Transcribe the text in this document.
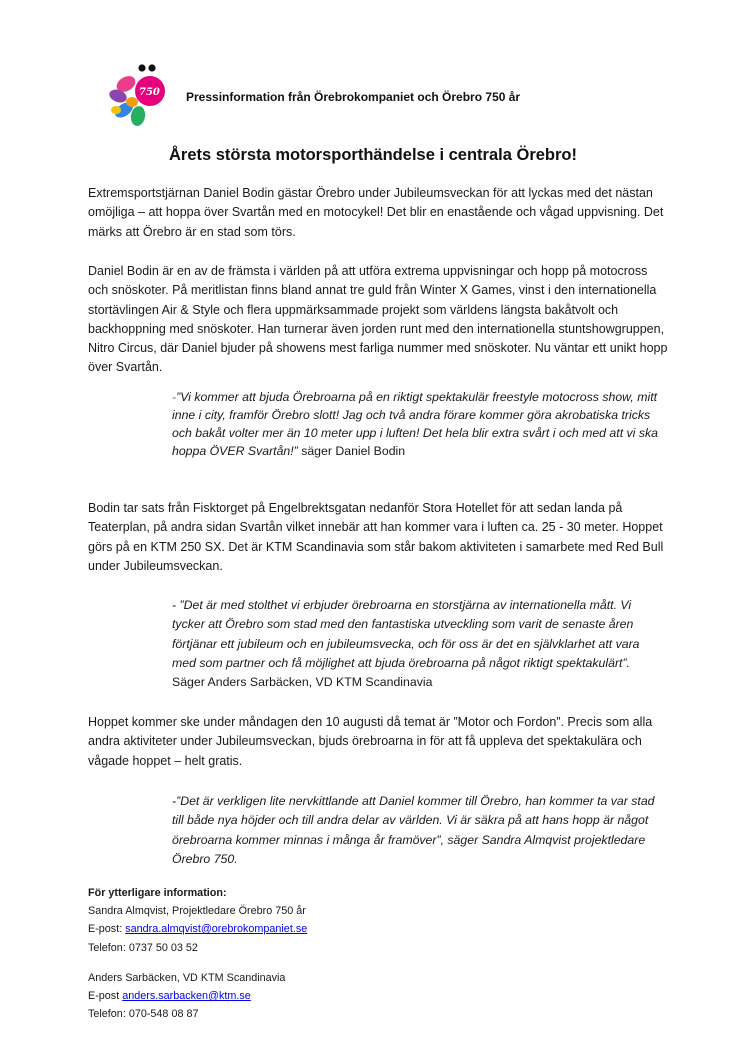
750 Pressinformation från Örebrokompaniet och Örebro 750 år
Årets största motorsporthändelse i centrala Örebro!

Extremsportstjärnan Daniel Bodin gästar Örebro under Jubileumsveckan för att lyckas med det nästan omöjliga – att hoppa över Svartån med en motocykel! Det blir en enastående och vågad uppvisning. Det märks att Örebro är en stad som törs.

Daniel Bodin är en av de främsta i världen på att utföra extrema uppvisningar och hopp på motocross och snöskoter. På meritlistan finns bland annat tre guld från Winter X Games, vinst i den internationella stortävlingen Air & Style och flera uppmärksammade projekt som världens längsta bakåtvolt och backhoppning med snöskoter. Han turnerar även jorden runt med den internationella stuntshowgruppen, Nitro Circus, där Daniel bjuder på showens mest farliga nummer med snöskoter. Nu väntar ett unikt hopp över Svartån.

-”Vi kommer att bjuda Örebroarna på en riktigt spektakulär freestyle motocross show, mitt inne i city, framför Örebro slott! Jag och två andra förare kommer göra akrobatiska tricks och bakåt volter mer än 10 meter upp i luften! Det hela blir extra svårt i och med att vi ska hoppa ÖVER Svartån!” säger Daniel Bodin

Bodin tar sats från Fisktorget på Engelbrektsgatan nedanför Stora Hotellet för att sedan landa på Teaterplan, på andra sidan Svartån vilket innebär att han kommer vara i luften ca. 25 - 30 meter. Hoppet görs på en KTM 250 SX. Det är KTM Scandinavia som står bakom aktiviteten i samarbete med Red Bull under Jubileumsveckan.

- ”Det är med stolthet vi erbjuder örebroarna en storstjärna av internationella mått. Vi tycker att Örebro som stad med den fantastiska utveckling som varit de senaste åren förtjänar ett jubileum och en jubileumsvecka, och för oss är det en självklarhet att vara med som partner och få möjlighet att bjuda örebroarna på något riktigt spektakulärt”. Säger Anders Sarbäcken, VD KTM Scandinavia

Hoppet kommer ske under måndagen den 10 augusti då temat är ”Motor och Fordon”. Precis som alla andra aktiviteter under Jubileumsveckan, bjuds örebroarna in för att få uppleva det spektakulära och vågade hoppet – helt gratis.

-”Det är verkligen lite nervkittlande att Daniel kommer till Örebro, han kommer ta var stad till både nya höjder och till andra delar av världen. Vi är säkra på att hans hopp är något örebroarna kommer minnas i många år framöver”, säger Sandra Almqvist projektledare Örebro 750.

För ytterligare information:
Sandra Almqvist, Projektledare Örebro 750 år
E-post: sandra.almqvist@orebrokompaniet.se
Telefon: 0737 50 03 52
Anders Sarbäcken, VD KTM Scandinavia
E-post anders.sarbacken@ktm.se
Telefon: 070-548 08 87
